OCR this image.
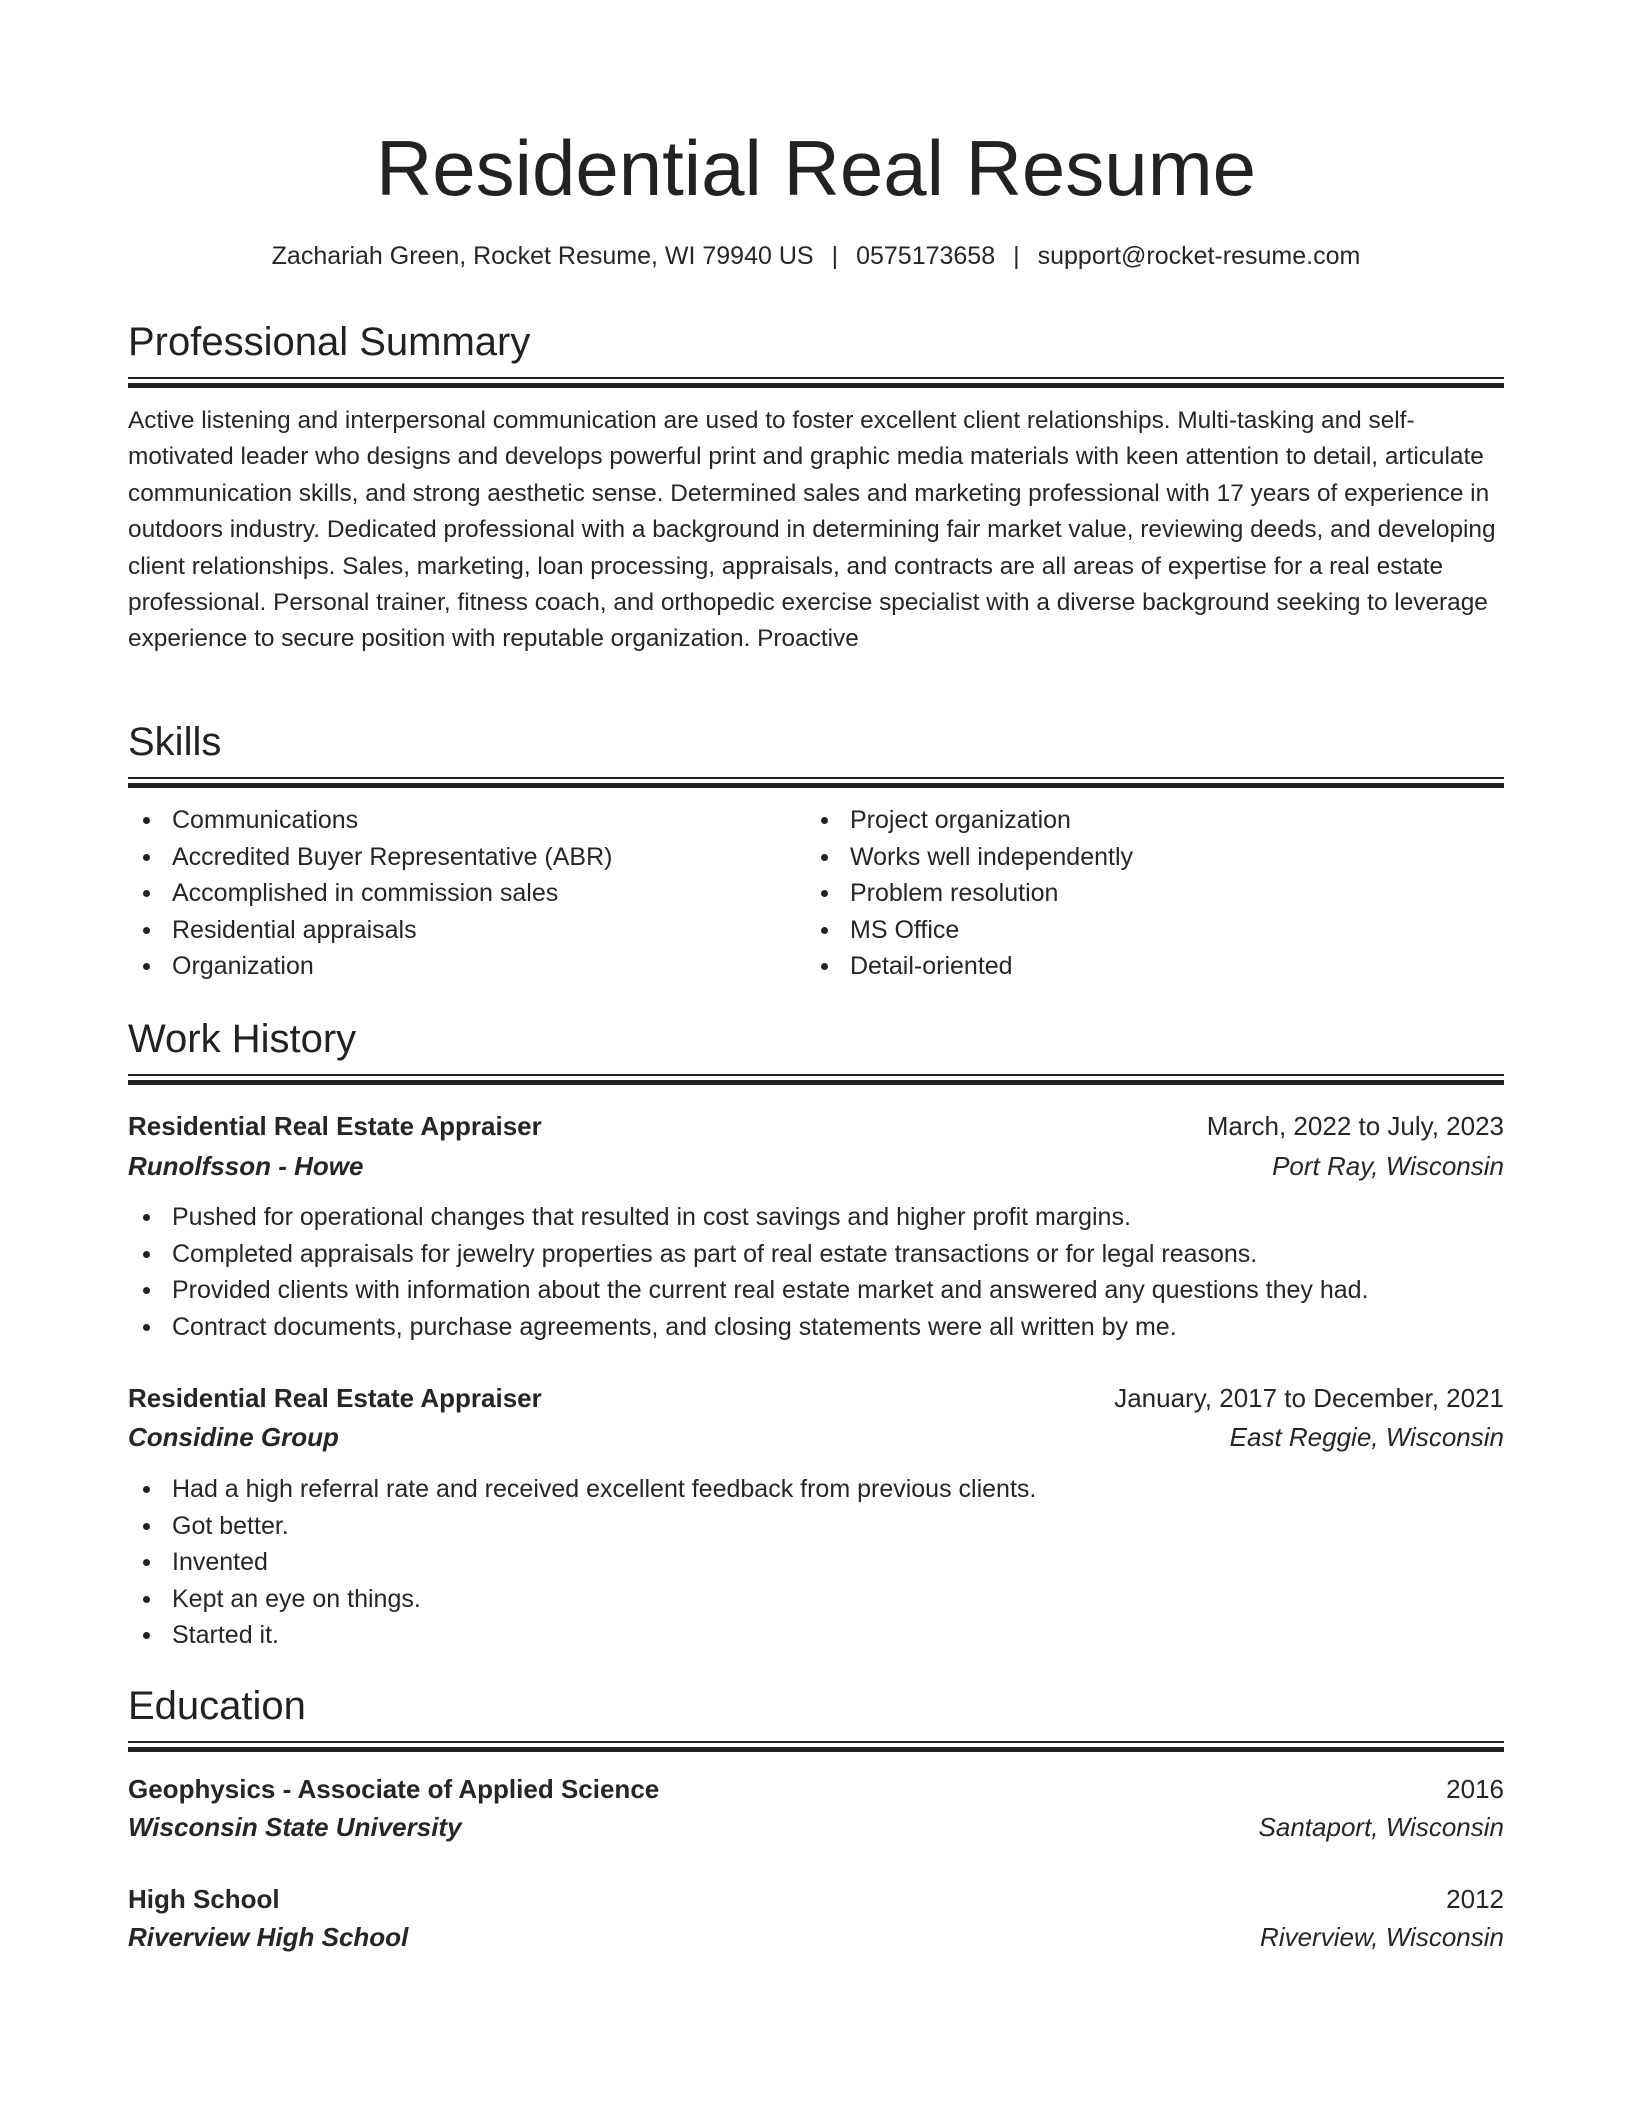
Residential Real Resume
Zachariah Green, Rocket Resume, WI 79940 US | 0575173658 | support@rocket-resume.com
Professional Summary

Active listening and interpersonal communication are used to foster excellent client relationships. Multi-tasking and self-motivated leader who designs and develops powerful print and graphic media materials with keen attention to detail, articulate communication skills, and strong aesthetic sense. Determined sales and marketing professional with 17 years of experience in outdoors industry. Dedicated professional with a background in determining fair market value, reviewing deeds, and developing client relationships. Sales, marketing, loan processing, appraisals, and contracts are all areas of expertise for a real estate professional. Personal trainer, fitness coach, and orthopedic exercise specialist with a diverse background seeking to leverage experience to secure position with reputable organization. Proactive

Skills
Communications
Accredited Buyer Representative (ABR)
Accomplished in commission sales
Residential appraisals
Organization
Project organization
Works well independently
Problem resolution
MS Office
Detail-oriented
Work History
Residential Real Estate Appraiser	March, 2022 to July, 2023
Runolfsson - Howe	Port Ray, Wisconsin
Pushed for operational changes that resulted in cost savings and higher profit margins.
Completed appraisals for jewelry properties as part of real estate transactions or for legal reasons.
Provided clients with information about the current real estate market and answered any questions they had.
Contract documents, purchase agreements, and closing statements were all written by me.
Residential Real Estate Appraiser	January, 2017 to December, 2021
Considine Group	East Reggie, Wisconsin
Had a high referral rate and received excellent feedback from previous clients.
Got better.
Invented
Kept an eye on things.
Started it.
Education
Geophysics - Associate of Applied Science	2016
Wisconsin State University	Santaport, Wisconsin
High School	2012
Riverview High School	Riverview, Wisconsin
